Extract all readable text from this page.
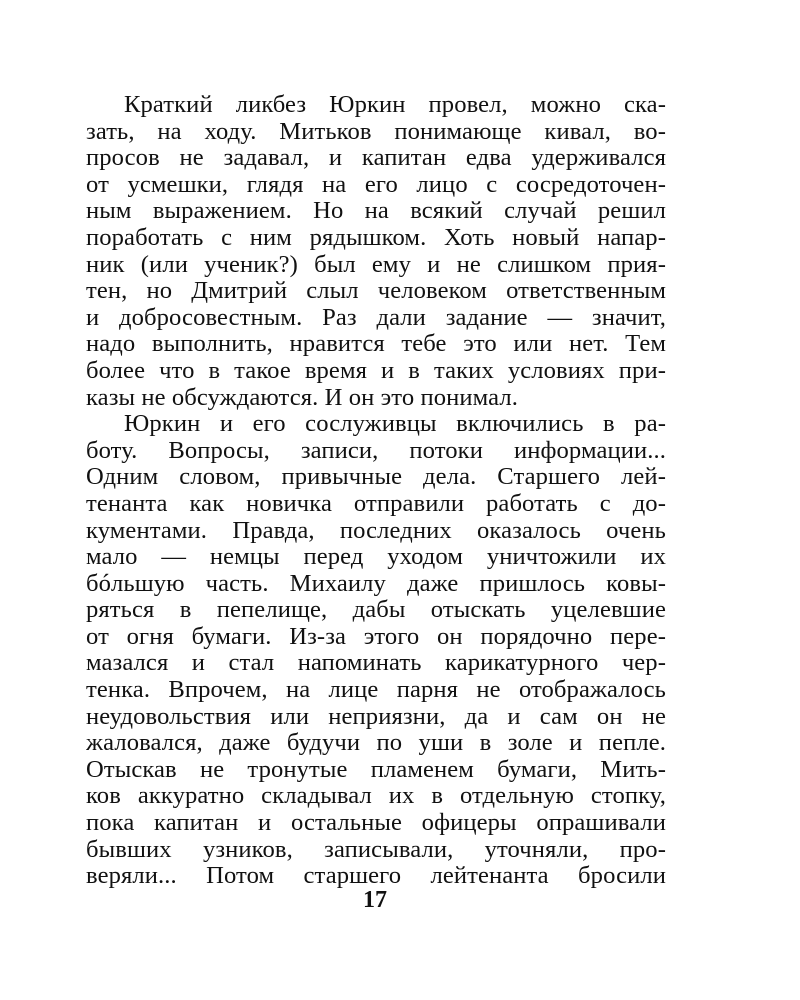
Краткий ликбез Юркин провел, можно ска-
зать, на ходу. Митьков понимающе кивал, во-
просов не задавал, и капитан едва удерживался
от усмешки, глядя на его лицо с сосредоточен-
ным выражением. Но на всякий случай решил
поработать с ним рядышком. Хоть новый напар-
ник (или ученик?) был ему и не слишком прия-
тен, но Дмитрий слыл человеком ответственным
и добросовестным. Раз дали задание — значит,
надо выполнить, нравится тебе это или нет. Тем
более что в такое время и в таких условиях при-
казы не обсуждаются. И он это понимал.
Юркин и его сослуживцы включились в ра-
боту. Вопросы, записи, потоки информации...
Одним словом, привычные дела. Старшего лей-
тенанта как новичка отправили работать с до-
кументами. Правда, последних оказалось очень
мало — немцы перед уходом уничтожили их
бóльшую часть. Михаилу даже пришлось ковы-
ряться в пепелище, дабы отыскать уцелевшие
от огня бумаги. Из-за этого он порядочно пере-
мазался и стал напоминать карикатурного чер-
тенка. Впрочем, на лице парня не отображалось
неудовольствия или неприязни, да и сам он не
жаловался, даже будучи по уши в золе и пепле.
Отыскав не тронутые пламенем бумаги, Мить-
ков аккуратно складывал их в отдельную стопку,
пока капитан и остальные офицеры опрашивали
бывших узников, записывали, уточняли, про-
веряли... Потом старшего лейтенанта бросили
17
